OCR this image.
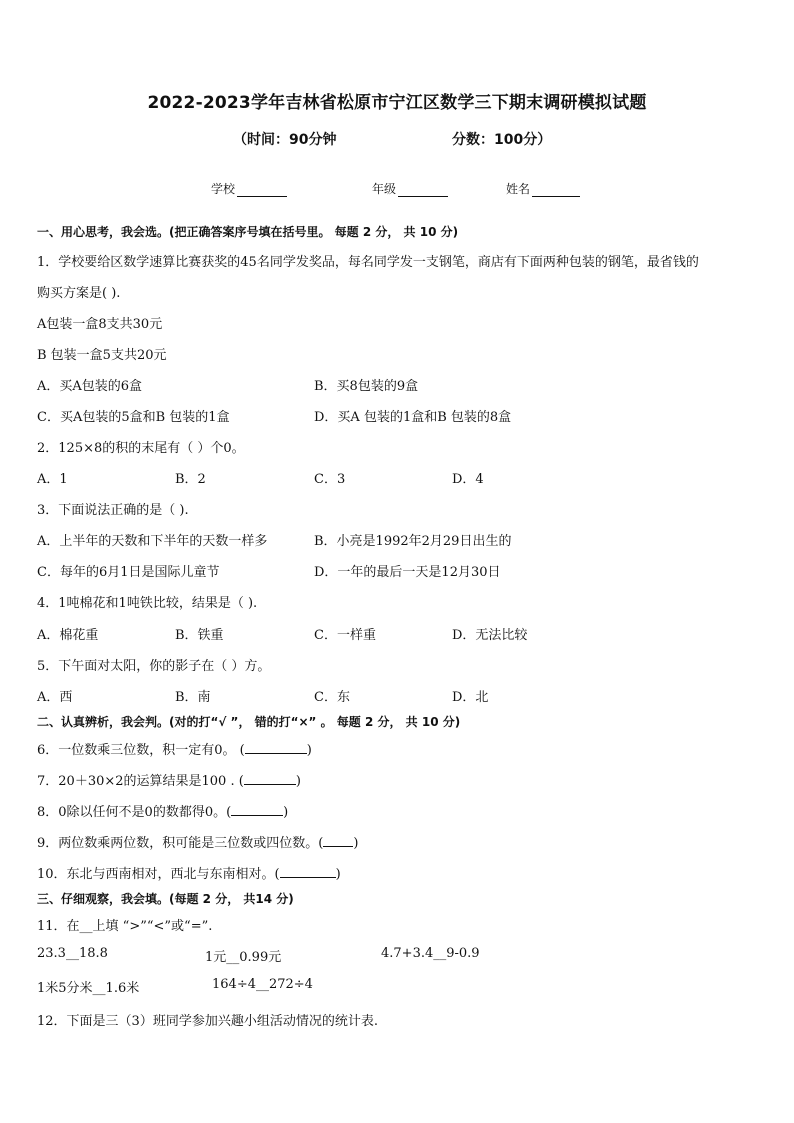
2022-2023学年吉林省松原市宁江区数学三下期末调研模拟试题
（时间：90分钟	分数：100分）
学校	年级	姓名
一、用心思考，我会选。(把正确答案序号填在括号里。 每题 2 分， 共 10 分)
1．学校要给区数学速算比赛获奖的45名同学发奖品，每名同学发一支钢笔，商店有下面两种包装的钢笔，最省钱的
购买方案是( ).
A包装一盒8支共30元
B 包装一盒5支共20元
A．买A包装的6盒	B．买8包装的9盒
C．买A包装的5盒和B 包装的1盒	D．买A 包装的1盒和B 包装的8盒
2．125×8的积的末尾有（ ）个0。
A．1	B．2	C．3	D．4
3．下面说法正确的是（ ).
A．上半年的天数和下半年的天数一样多	B．小亮是1992年2月29日出生的
C．每年的6月1日是国际儿童节	D．一年的最后一天是12月30日
4．1吨棉花和1吨铁比较，结果是（ ).
A．棉花重	B．铁重	C．一样重	D．无法比较
5．下午面对太阳，你的影子在（ ）方。
A．西	B．南	C．东	D．北
二、认真辨析，我会判。(对的打“√ ”， 错的打“×” 。 每题 2 分， 共 10 分)
6．一位数乘三位数，积一定有0。 (	)
7．20＋30×2的运算结果是100 . (	)
8．0除以任何不是0的数都得0。(	)
9．两位数乘两位数，积可能是三位数或四位数。( )
10．东北与西南相对，西北与东南相对。(	)
三、仔细观察，我会填。(每题 2 分， 共14 分)
11．在__上填 “>”“<”或“=”.
23.3__18.8	1元__0.99元	4.7+3.4__9-0.9
1米5分米__1.6米	164÷4__272÷4
12．下面是三（3）班同学参加兴趣小组活动情况的统计表.
